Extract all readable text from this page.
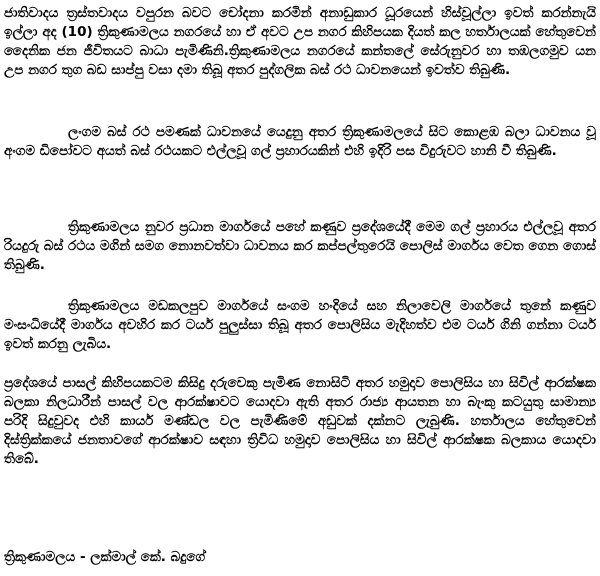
ජාතිවාදය ත්‍රස්තවාදය වපුරන බවට චෝදනා කරමින් අනාඩුකාර ධූරයෙන් හිස්වූල්ලා ඉවත් කරන්නැයි ඉල්ලා අද (10) ත්‍රිකුණාමලය නගරයේ හා ඒ අවට උප නගර කිහිපයක දියත් කල හර්තාලයක් හේතුවෙන් දෛනික ජන ජීවිතයට බාධා පැමිණිනි.ත්‍රිකුණාමලය නගරයේ කන්තලේ සේරුනුවර හා තඹලගමුව යන උප නගර තුග බඩ සාප්පු වසා දමා තිබූ අතර පුද්ගලික බස් රථ ධාවනයෙන් ඉවත්ව තිබුණි.

ලංගම බස් රථ පමණක් ධාවනයේ යෙදුනු අතර ත්‍රිකුණාමලයේ සිට කොළඹ බලා ධාවනය වූ අංගම ඩිපෝවට අයත් බස් රථයකට එල්ලවූ ගල් ප්‍රහාරයකින් එහි ඉදිරි පස විදුරුවට හානි වී තිබුණි.

ත්‍රිකුණාමලය නුවර ප්‍රධාන මාර්ගයේ පහේ කණුව ප්‍රදේශයේදී මෙම ගල් ප්‍රහාරය එල්ලවූ අතර රියදුරු බස් රථය මගින් සමග නොනවත්වා ධාවනය කර කප්පල්තුරෙයි පොලිස් මාර්ගය වෙත ගෙන ගොස් තිබුණි.

ත්‍රිකුණාමලය මඩකලපුව මාර්ගයේ සංගම හංදියේ සහ නිලාවෙලි මාර්ගයේ තුනේ කණුව මංසංධියේදී මාර්ගය අවහිර කර ටයර් පුලුස්සා තිබූ අතර පොලිසිය මැදිහත්ව එම ටයර් ගිනි ගන්නා ටයර් ඉවත් කරනු ලැබිය.

ප්‍රදේශයේ පාසල් කිහිපයකටම කිසිදු දරුවෙකු පැමිණ නොසිටි අතර හමුදාව පොලිසිය හා සිවිල් ආරක්ෂක බලකා නිලධාරීන් පාසල් වල ආරක්ෂාවට යොදවා ඇති අතර රාජ්‍ය ආයතන හා බැංකු කටයුතු සාමාන්‍ය පරිදි සිදුවුවද එහි කාර්ය මණ්ඩල වල පැමිණිමේ අඩුවක් දක්නට ලැබුණි. හර්තාලය හේතුවෙන් දිස්ත්‍රික්කයේ ජනතාවගේ ආරක්ෂාව සඳහා ත්‍රිවිධ හමුදාව පොලිසිය හා සිවිල් ආරක්ෂක බලකාය යොදවා තිබේ.

ත්‍රිකුණාමලය - ලක්මාල් කේ. බදුගේ
